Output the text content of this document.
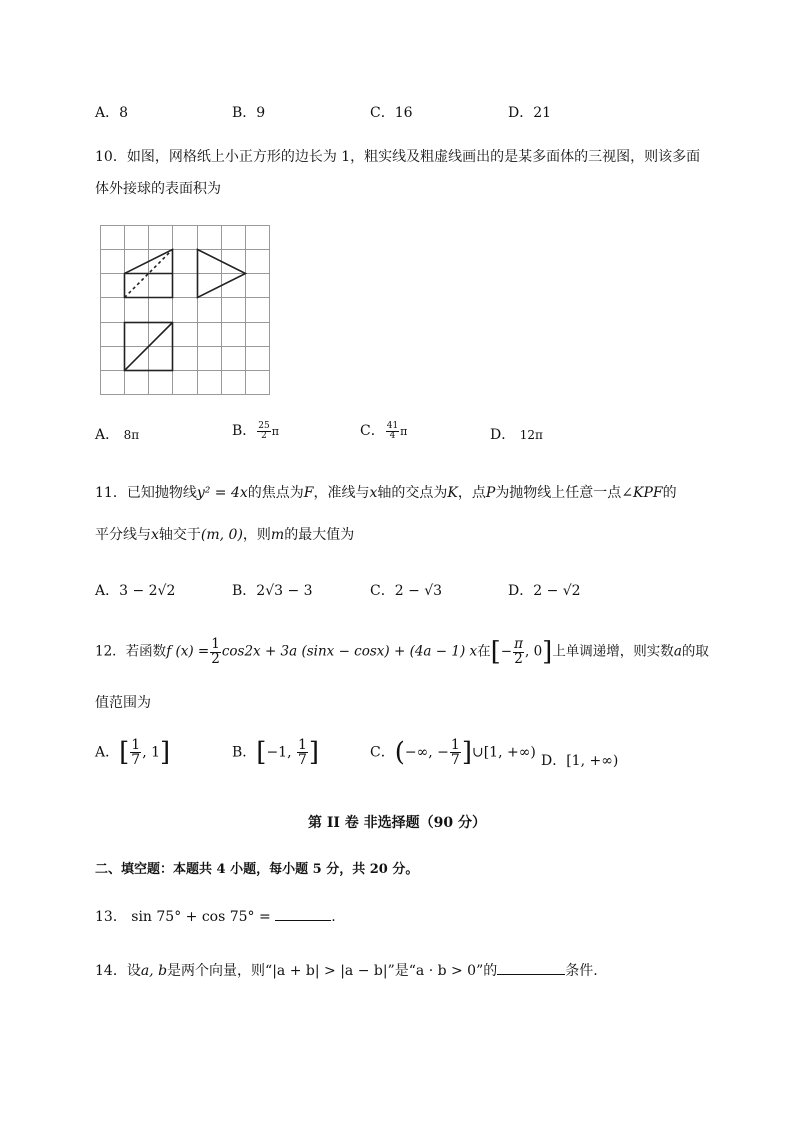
A．8	B．9	C．16	D．21
10．如图，网格纸上小正方形的边长为 1，粗实线及粗虚线画出的是某多面体的三视图，则该多面
体外接球的表面积为
A． 8π	B． $\frac{25}{2}$ π	C． $\frac{41}{4}$ π	D． 12π
11．已知抛物线y² = 4x的焦点为F，准线与x轴的交点为K，点P为抛物线上任意一点∠KPF的
平分线与x轴交于(m, 0)，则m的最大值为
A．3 − 2√2	B．2√3 − 3	C．2 − √3	D．2 − √2
12．若函数f $(x) = \frac{1}{2} \cos 2x + 3a$ (sinx − cosx) + (4a − 1) x在[− $\frac{\pi}{2}$ , 0]上单调递增，则实数a的取
值范围为
A．[ $\frac{1}{7}$ , 1]	B．[−1, $\frac{1}{7}$ ]	C．(−∞, − $\frac{1}{7}$ ]∪[1, +∞)
D．[1, +∞)
第 II 卷 非选择题（90 分）
二、填空题：本题共 4 小题，每小题 5 分，共 20 分。
13． sin 75° + cos 75° =	.
14．设a, b是两个向量，则“|a + b| > |a − b|”是“a · b > 0”的	条件.
